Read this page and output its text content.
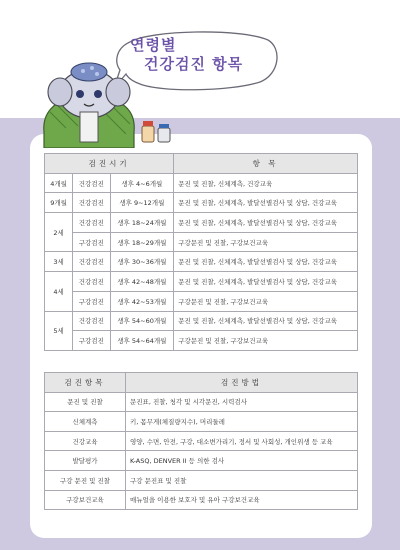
연령별
건강검진 항목
검진시기			항 목
4개월	건강검진	생후 4~6개월	문진 및 진찰, 신체계측, 건강교육
9개월	건강검진	생후 9~12개월	문진 및 진찰, 신체계측, 발달선별검사 및 상담, 건강교육
2세	건강검진	생후 18~24개월	문진 및 진찰, 신체계측, 발달선별검사 및 상담, 건강교육
	구강검진	생후 18~29개월	구강문진 및 진찰, 구강보건교육
3세	건강검진	생후 30~36개월	문진 및 진찰, 신체계측, 발달선별검사 및 상담, 건강교육
4세	건강검진	생후 42~48개월	문진 및 진찰, 신체계측, 발달선별검사 및 상담, 건강교육
	구강검진	생후 42~53개월	구강문진 및 진찰, 구강보건교육
5세	건강검진	생후 54~60개월	문진 및 진찰, 신체계측, 발달선별검사 및 상담, 건강교육
	구강검진	생후 54~64개월	구강문진 및 진찰, 구강보건교육
검진항목	검진방법
문진 및 진찰	문진표, 진찰, 청각 및 시각문진, 시력검사
신체계측	키, 몸무게(체질량지수), 머리둘레
건강교육	영양, 수면, 안전, 구강, 대소변가리기, 정서 및 사회성, 개인위생 등 교육
발달평가	K-ASQ, DENVER II 등 의한 검사
구강 문진 및 진찰	구강 문진표 및 진찰
구강보건교육	매뉴얼을 이용한 보호자 및 유아 구강보건교육
